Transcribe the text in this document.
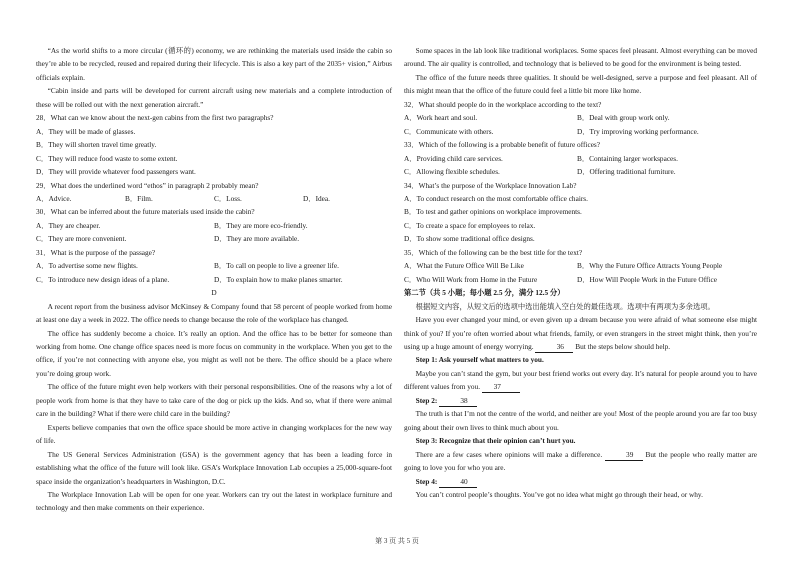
“As the world shifts to a more circular (循环的) economy, we are rethinking the materials used inside the cabin so they’re able to be recycled, reused and repaired during their lifecycle. This is also a key part of the 2035+ vision,” Airbus officials explain.

“Cabin inside and parts will be developed for current aircraft using new materials and a complete introduction of these will be rolled out with the next generation aircraft.”

28．What can we know about the next-gen cabins from the first two paragraphs?

A．They will be made of glasses.

B．They will shorten travel time greatly.

C．They will reduce food waste to some extent.

D．They will provide whatever food passengers want.

29．What does the underlined word “ethos” in paragraph 2 probably mean?

A．Advice.	B．Film.	C．Loss.	D．Idea.

30．What can be inferred about the future materials used inside the cabin?

A．They are cheaper.	B．They are more eco-friendly.
C．They are more convenient.	D．They are more available.

31．What is the purpose of the passage?

A．To advertise some new flights.	B．To call on people to live a greener life.
C．To introduce new design ideas of a plane.	D．To explain how to make planes smarter.

D

A recent report from the business advisor McKinsey & Company found that 58 percent of people worked from home at least one day a week in 2022. The office needs to change because the role of the workplace has changed.

The office has suddenly become a choice. It’s really an option. And the office has to be better for someone than working from home. One change office spaces need is more focus on community in the workplace. When you get to the office, if you’re not connecting with anyone else, you might as well not be there. The office should be a place where you’re doing group work.

The office of the future might even help workers with their personal responsibilities. One of the reasons why a lot of people work from home is that they have to take care of the dog or pick up the kids. And so, what if there were animal care in the building? What if there were child care in the building?

Experts believe companies that own the office space should be more active in changing workplaces for the new way of life.

The US General Services Administration (GSA) is the government agency that has been a leading force in establishing what the office of the future will look like. GSA’s Workplace Innovation Lab occupies a 25,000-square-foot space inside the organization’s headquarters in Washington, D.C.

The Workplace Innovation Lab will be open for one year. Workers can try out the latest in workplace furniture and technology and then make comments on their experience.

Some spaces in the lab look like traditional workplaces. Some spaces feel pleasant. Almost everything can be moved around. The air quality is controlled, and technology that is believed to be good for the environment is being tested.

The office of the future needs three qualities. It should be well-designed, serve a purpose and feel pleasant. All of this might mean that the office of the future could feel a little bit more like home.

32．What should people do in the workplace according to the text?

A．Work heart and soul.	B．Deal with group work only.
C．Communicate with others.	D．Try improving working performance.

33．Which of the following is a probable benefit of future offices?

A．Providing child care services.	B．Containing larger workspaces.
C．Allowing flexible schedules.	D．Offering traditional furniture.

34．What’s the purpose of the Workplace Innovation Lab?

A．To conduct research on the most comfortable office chairs.

B．To test and gather opinions on workplace improvements.

C．To create a space for employees to relax.

D．To show some traditional office designs.

35．Which of the following can be the best title for the text?

A．What the Future Office Will Be Like	B．Why the Future Office Attracts Young People
C．Who Will Work from Home in the Future	D．How Will People Work in the Future Office

第二节（共 5 小题；每小题 2.5 分，满分 12.5 分）

根据短文内容，从短文后的选项中选出能填入空白处的最佳选项。选项中有两项为多余选项。

Have you ever changed your mind, or even given up a dream because you were afraid of what someone else might think of you? If you’re often worried about what friends, family, or even strangers in the street might think, then you’re using up a huge amount of energy worrying.	36 But the steps below should help.

Step 1: Ask yourself what matters to you.

Maybe you can’t stand the gym, but your best friend works out every day. It’s natural for people around you to have different values from you. 37

Step 2:	38

The truth is that I’m not the centre of the world, and neither are you! Most of the people around you are far too busy going about their own lives to think much about you.

Step 3: Recognize that their opinion can’t hurt you.

There are a few cases where opinions will make a difference.	39 But the people who really matter are going to love you for who you are.

Step 4:	40

You can’t control people’s thoughts. You’ve got no idea what might go through their head, or why.

第 3 页 共 5 页
